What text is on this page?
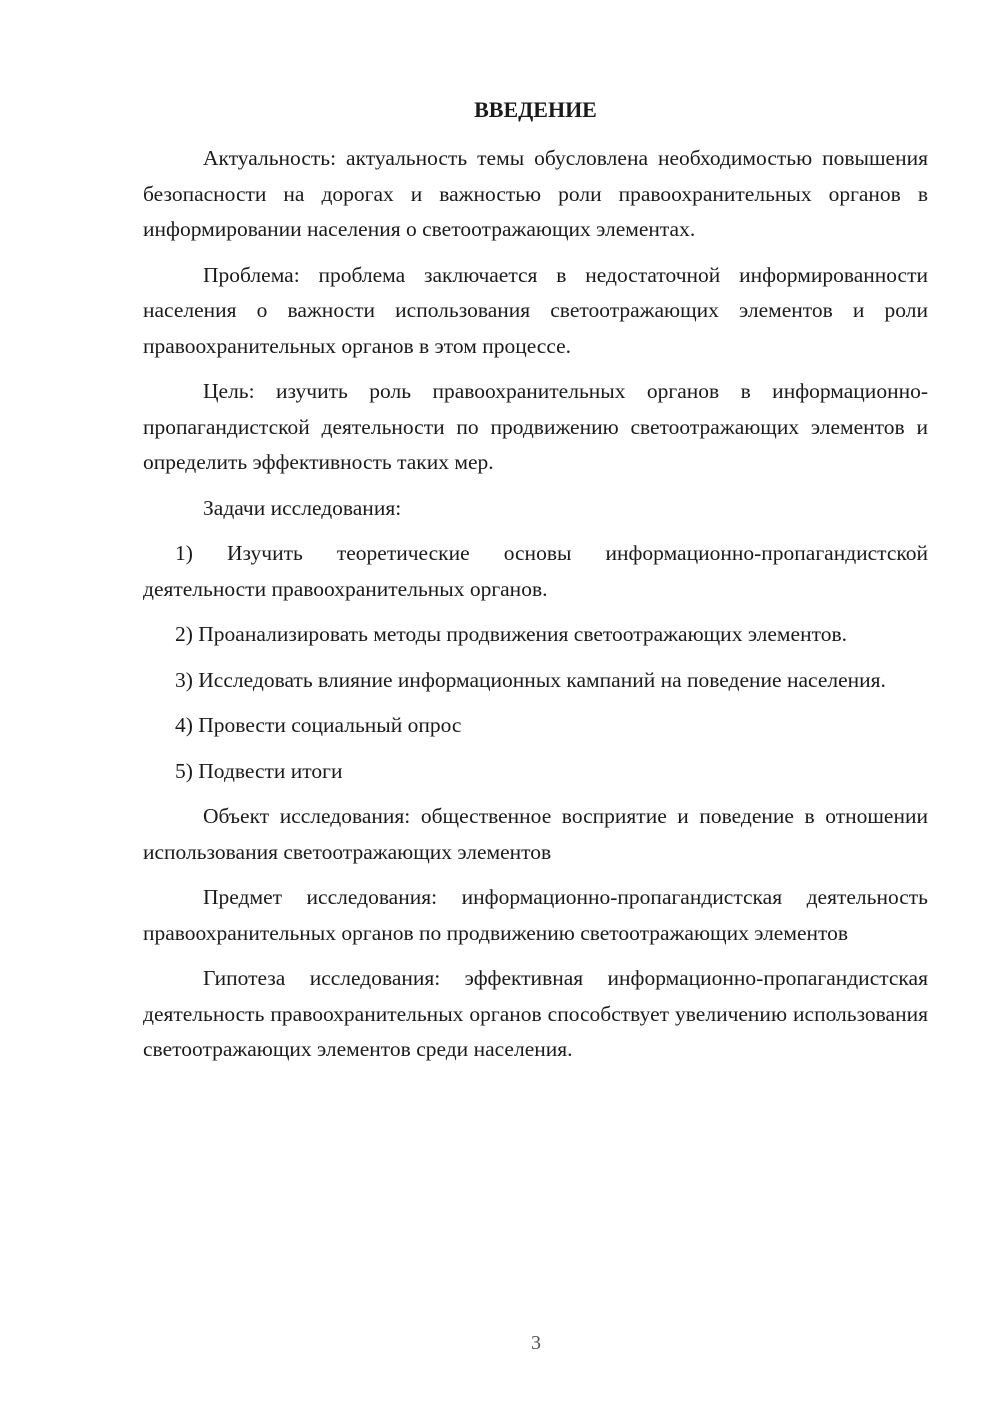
ВВЕДЕНИЕ

Актуальность: актуальность темы обусловлена необходимостью повышения безопасности на дорогах и важностью роли правоохранительных органов в информировании населения о светоотражающих элементах.

Проблема: проблема заключается в недостаточной информированности населения о важности использования светоотражающих элементов и роли правоохранительных органов в этом процессе.

Цель: изучить роль правоохранительных органов в информационно-пропагандистской деятельности по продвижению светоотражающих элементов и определить эффективность таких мер.

Задачи исследования:

1) Изучить теоретические основы информационно-пропагандистской деятельности правоохранительных органов.

2) Проанализировать методы продвижения светоотражающих элементов.

3) Исследовать влияние информационных кампаний на поведение населения.

4) Провести социальный опрос

5) Подвести итоги

Объект исследования: общественное восприятие и поведение в отношении использования светоотражающих элементов

Предмет исследования: информационно-пропагандистская деятельность правоохранительных органов по продвижению светоотражающих элементов

Гипотеза исследования: эффективная информационно-пропагандистская деятельность правоохранительных органов способствует увеличению использования светоотражающих элементов среди населения.

3
